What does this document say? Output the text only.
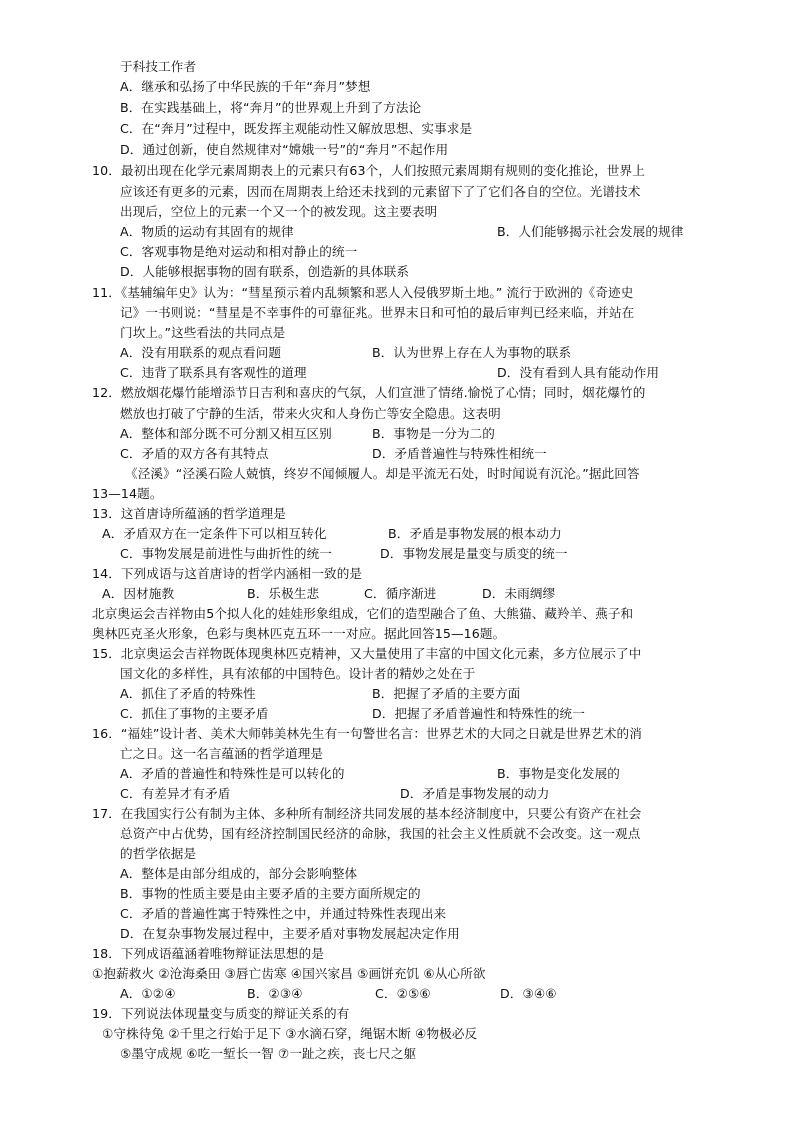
于科技工作者
A．继承和弘扬了中华民族的千年“奔月”梦想
B．在实践基础上，将“奔月”的世界观上升到了方法论
C．在“奔月”过程中，既发挥主观能动性又解放思想、实事求是
D．通过创新，使自然规律对“嫦娥一号”的“奔月”不起作用
10．最初出现在化学元素周期表上的元素只有63个，人们按照元素周期有规则的变化推论，世界上
应该还有更多的元素，因而在周期表上给还未找到的元素留下了了它们各自的空位。光谱技术
出现后，空位上的元素一个又一个的被发现。这主要表明
A．物质的运动有其固有的规律	B．人们能够揭示社会发展的规律
C．客观事物是绝对运动和相对静止的统一
D．人能够根据事物的固有联系，创造新的具体联系
11．《基辅编年史》认为：“彗星预示着内乱频繁和恶人入侵俄罗斯土地。” 流行于欧洲的《奇迹史
记》一书则说：“彗星是不幸事件的可靠征兆。世界末日和可怕的最后审判已经来临，并站在
门坎上。”这些看法的共同点是
A．没有用联系的观点看问题	B．认为世界上存在人为事物的联系
C．违背了联系具有客观性的道理	D．没有看到人具有能动作用
12．燃放烟花爆竹能增添节日吉利和喜庆的气氛，人们宣泄了情绪.愉悦了心情；同时，烟花爆竹的
燃放也打破了宁静的生活，带来火灾和人身伤亡等安全隐患。这表明
A．整体和部分既不可分割又相互区别	B．事物是一分为二的
C．矛盾的双方各有其特点	D．矛盾普遍性与特殊性相统一
《泾溪》“泾溪石险人兢慎，终岁不闻倾履人。却是平流无石处，时时闻说有沉沦。”据此回答
13—14题。
13．这首唐诗所蕴涵的哲学道理是
A．矛盾双方在一定条件下可以相互转化	B．矛盾是事物发展的根本动力
C．事物发展是前进性与曲折性的统一	D．事物发展是量变与质变的统一
14．下列成语与这首唐诗的哲学内涵相一致的是
A．因材施教	B．乐极生悲	C．循序渐进	D．未雨绸缪
北京奥运会吉祥物由5个拟人化的娃娃形象组成，它们的造型融合了鱼、大熊猫、藏羚羊、燕子和
奥林匹克圣火形象，色彩与奥林匹克五环一一对应。据此回答15—16题。
15．北京奥运会吉祥物既体现奥林匹克精神，又大量使用了丰富的中国文化元素，多方位展示了中
国文化的多样性，具有浓郁的中国特色。设计者的精妙之处在于
A．抓住了矛盾的特殊性	B．把握了矛盾的主要方面
C．抓住了事物的主要矛盾	D．把握了矛盾普遍性和特殊性的统一
16．“福娃”设计者、美术大师韩美林先生有一句警世名言：世界艺术的大同之日就是世界艺术的消
亡之日。这一名言蕴涵的哲学道理是
A．矛盾的普遍性和特殊性是可以转化的	B．事物是变化发展的
C．有差异才有矛盾	D．矛盾是事物发展的动力
17．在我国实行公有制为主体、多种所有制经济共同发展的基本经济制度中，只要公有资产在社会
总资产中占优势，国有经济控制国民经济的命脉，我国的社会主义性质就不会改变。这一观点
的哲学依据是
A．整体是由部分组成的，部分会影响整体
B．事物的性质主要是由主要矛盾的主要方面所规定的
C．矛盾的普遍性寓于特殊性之中，并通过特殊性表现出来
D．在复杂事物发展过程中，主要矛盾对事物发展起决定作用
18．下列成语蕴涵着唯物辩证法思想的是
①抱薪救火 ②沧海桑田 ③唇亡齿寒 ④国兴家昌 ⑤画饼充饥 ⑥从心所欲
A．①②④	B．②③④	C．②⑤⑥	D．③④⑥
19．下列说法体现量变与质变的辩证关系的有
①守株待兔 ②千里之行始于足下 ③水滴石穿，绳锯木断 ④物极必反
⑤墨守成规 ⑥吃一堑长一智 ⑦一趾之疾，丧七尺之躯
